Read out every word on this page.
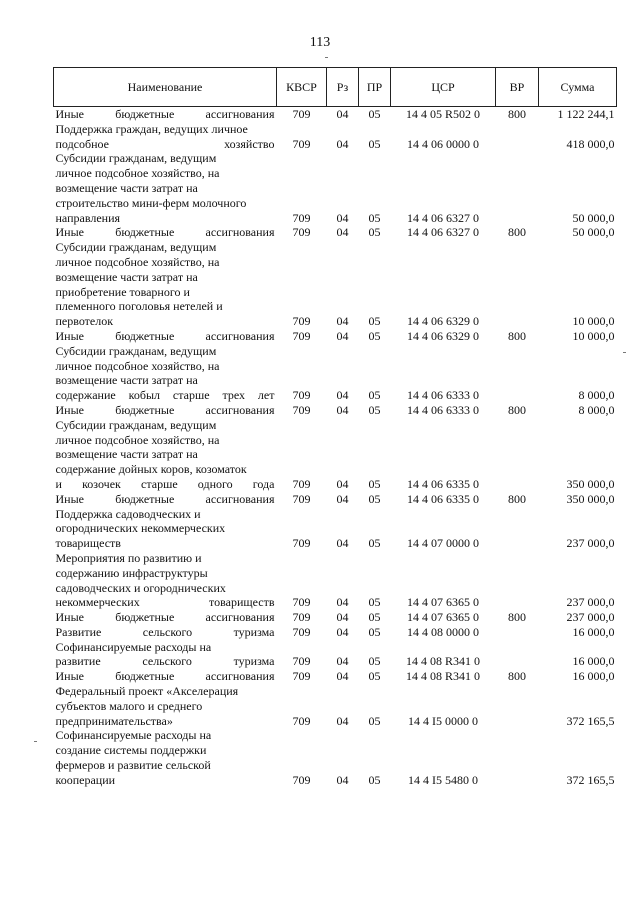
113
Наименование	КВСР	Рз	ПР	ЦСР	ВР	Сумма
Иные бюджетные ассигнования	709	04	05	14 4 05 R502 0	800	1 122 244,1
Поддержка граждан, ведущих личное						
подсобное хозяйство	709	04	05	14 4 06 0000 0		418 000,0
Субсидии гражданам, ведущим						
личное подсобное хозяйство, на						
возмещение части затрат на						
строительство мини-ферм молочного						
направления	709	04	05	14 4 06 6327 0		50 000,0
Иные бюджетные ассигнования	709	04	05	14 4 06 6327 0	800	50 000,0
Субсидии гражданам, ведущим						
личное подсобное хозяйство, на						
возмещение части затрат на						
приобретение товарного и						
племенного поголовья нетелей и						
первотелок	709	04	05	14 4 06 6329 0		10 000,0
Иные бюджетные ассигнования	709	04	05	14 4 06 6329 0	800	10 000,0
Субсидии гражданам, ведущим						
личное подсобное хозяйство, на						
возмещение части затрат на						
содержание кобыл старше трех лет	709	04	05	14 4 06 6333 0		8 000,0
Иные бюджетные ассигнования	709	04	05	14 4 06 6333 0	800	8 000,0
Субсидии гражданам, ведущим						
личное подсобное хозяйство, на						
возмещение части затрат на						
содержание дойных коров, козоматок						
и козочек старше одного года	709	04	05	14 4 06 6335 0		350 000,0
Иные бюджетные ассигнования	709	04	05	14 4 06 6335 0	800	350 000,0
Поддержка садоводческих и						
огороднических некоммерческих						
товариществ	709	04	05	14 4 07 0000 0		237 000,0
Мероприятия по развитию и						
содержанию инфраструктуры						
садоводческих и огороднических						
некоммерческих товариществ	709	04	05	14 4 07 6365 0		237 000,0
Иные бюджетные ассигнования	709	04	05	14 4 07 6365 0	800	237 000,0
Развитие сельского туризма	709	04	05	14 4 08 0000 0		16 000,0
Софинансируемые расходы на						
развитие сельского туризма	709	04	05	14 4 08 R341 0		16 000,0
Иные бюджетные ассигнования	709	04	05	14 4 08 R341 0	800	16 000,0
Федеральный проект «Акселерация						
субъектов малого и среднего						
предпринимательства»	709	04	05	14 4 I5 0000 0		372 165,5
Софинансируемые расходы на						
создание системы поддержки						
фермеров и развитие сельской						
кооперации	709	04	05	14 4 I5 5480 0		372 165,5
